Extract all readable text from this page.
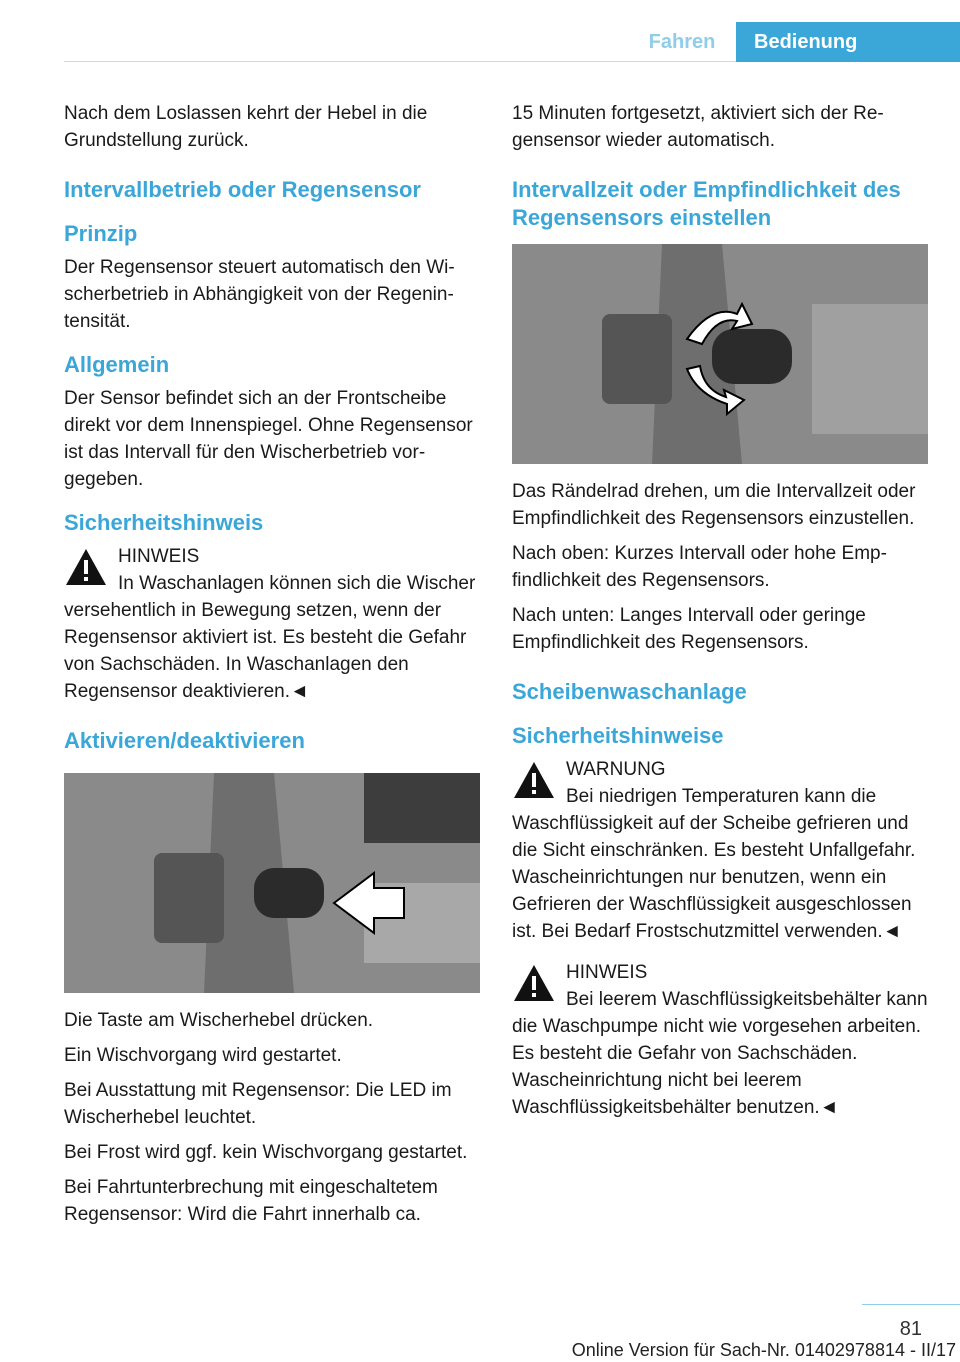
Fahren	Bedienung

Nach dem Loslassen kehrt der Hebel in die Grundstellung zurück.

Intervallbetrieb oder Regensensor
Prinzip

Der Regensensor steuert automatisch den Wischerbetrieb in Abhängigkeit von der Regenintensität.

Allgemein

Der Sensor befindet sich an der Frontscheibe direkt vor dem Innenspiegel. Ohne Regensensor ist das Intervall für den Wischerbetrieb vorgegeben.

Sicherheitshinweis
HINWEIS
In Waschanlagen können sich die Wischer versehentlich in Bewegung setzen, wenn der Regensensor aktiviert ist. Es besteht die Gefahr von Sachschäden. In Waschanlagen den Regensensor deaktivieren.◄
Aktivieren/deaktivieren

Die Taste am Wischerhebel drücken.

Ein Wischvorgang wird gestartet.

Bei Ausstattung mit Regensensor: Die LED im Wischerhebel leuchtet.

Bei Frost wird ggf. kein Wischvorgang gestartet.

Bei Fahrtunterbrechung mit eingeschaltetem Regensensor: Wird die Fahrt innerhalb ca.

15 Minuten fortgesetzt, aktiviert sich der Regensensor wieder automatisch.

Intervallzeit oder Empfindlichkeit des Regensensors einstellen

Das Rändelrad drehen, um die Intervallzeit oder Empfindlichkeit des Regensensors einzustellen.

Nach oben: Kurzes Intervall oder hohe Empfindlichkeit des Regensensors.

Nach unten: Langes Intervall oder geringe Empfindlichkeit des Regensensors.

Scheibenwaschanlage
Sicherheitshinweise
WARNUNG
Bei niedrigen Temperaturen kann die Waschflüssigkeit auf der Scheibe gefrieren und die Sicht einschränken. Es besteht Unfallgefahr. Wascheinrichtungen nur benutzen, wenn ein Gefrieren der Waschflüssigkeit ausgeschlossen ist. Bei Bedarf Frostschutzmittel verwenden.◄
HINWEIS
Bei leerem Waschflüssigkeitsbehälter kann die Waschpumpe nicht wie vorgesehen arbeiten. Es besteht die Gefahr von Sachschäden. Wascheinrichtung nicht bei leerem Waschflüssigkeitsbehälter benutzen.◄
81
Online Version für Sach-Nr. 01402978814 - II/17
